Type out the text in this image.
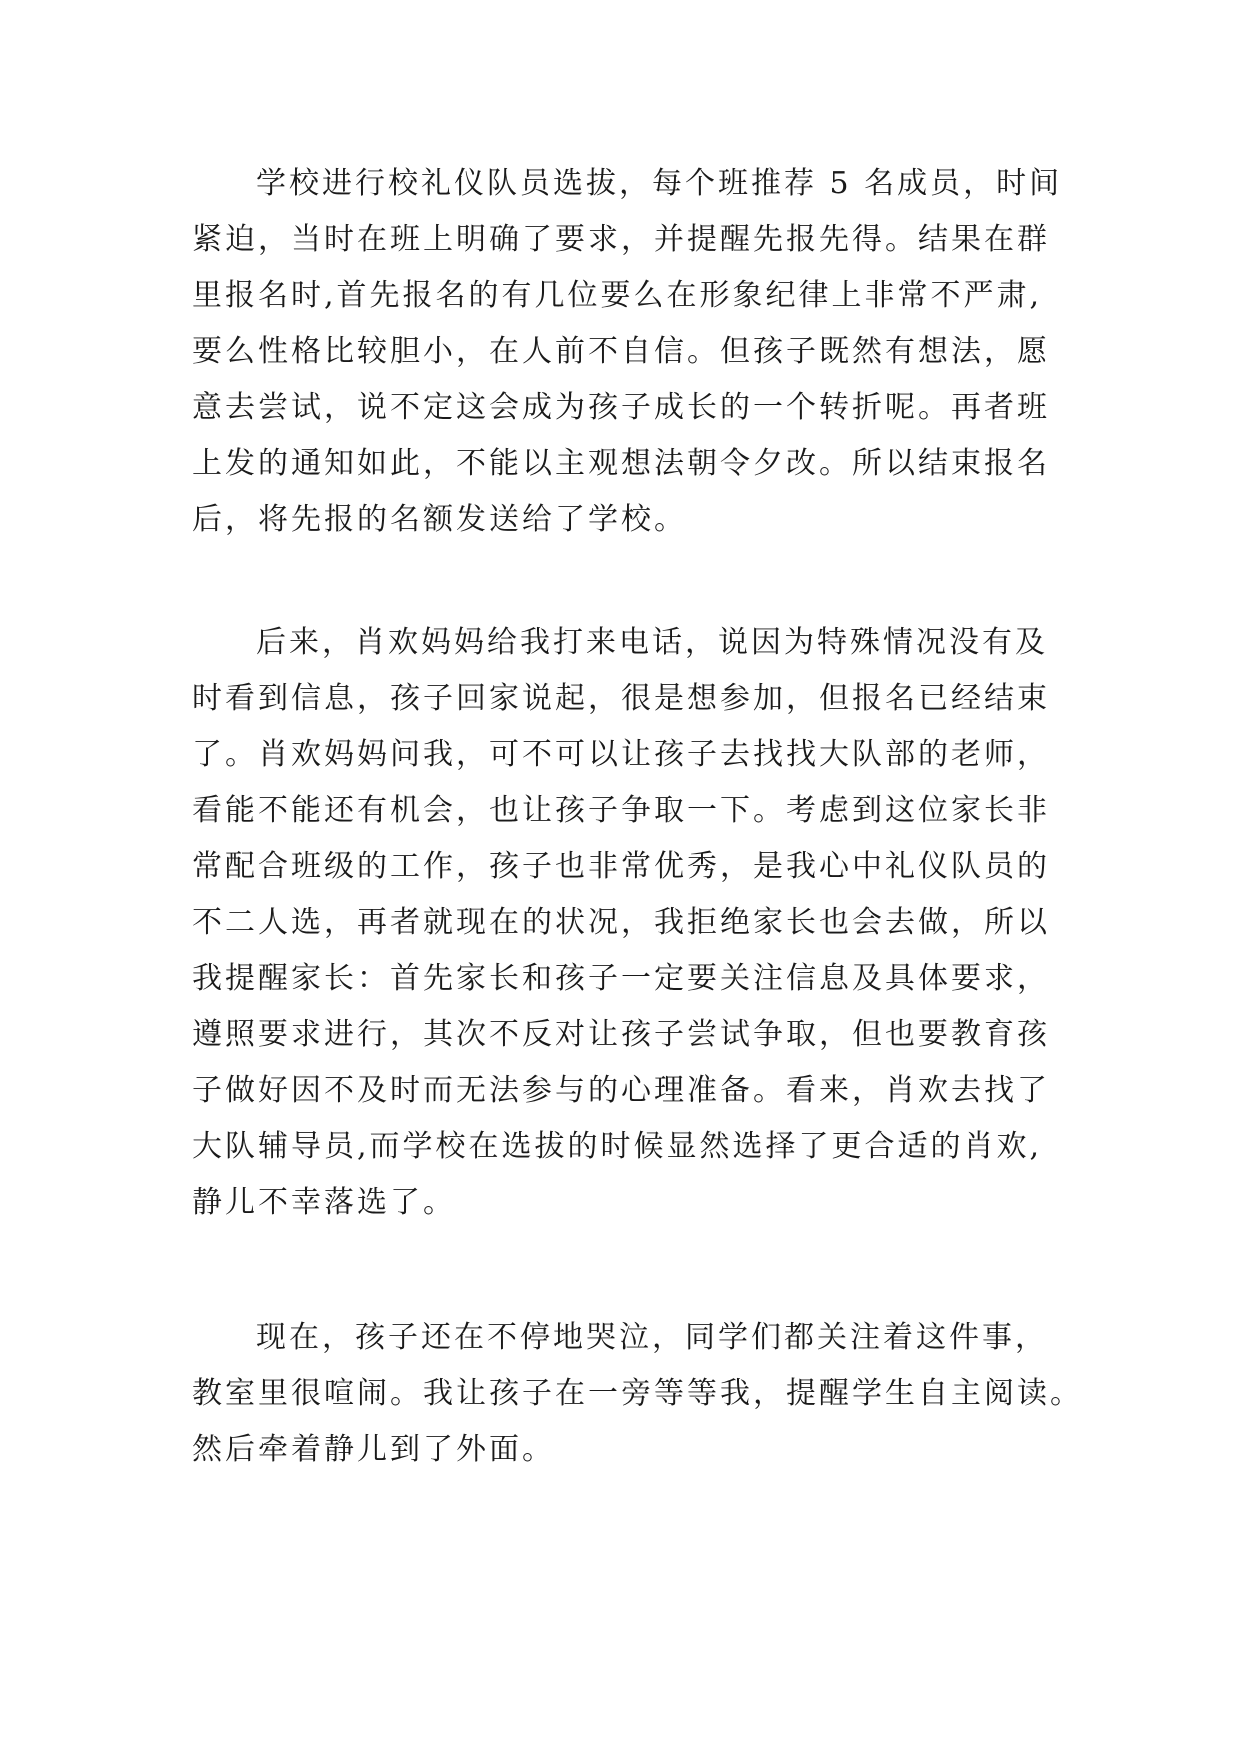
学校进行校礼仪队员选拔，每个班推荐 5 名成员，时间
紧迫，当时在班上明确了要求，并提醒先报先得。结果在群
里报名时,首先报名的有几位要么在形象纪律上非常不严肃,
要么性格比较胆小，在人前不自信。但孩子既然有想法，愿
意去尝试，说不定这会成为孩子成长的一个转折呢。再者班
上发的通知如此，不能以主观想法朝令夕改。所以结束报名
后，将先报的名额发送给了学校。
后来，肖欢妈妈给我打来电话，说因为特殊情况没有及
时看到信息，孩子回家说起，很是想参加，但报名已经结束
了。肖欢妈妈问我，可不可以让孩子去找找大队部的老师，
看能不能还有机会，也让孩子争取一下。考虑到这位家长非
常配合班级的工作，孩子也非常优秀，是我心中礼仪队员的
不二人选，再者就现在的状况，我拒绝家长也会去做，所以
我提醒家长：首先家长和孩子一定要关注信息及具体要求，
遵照要求进行，其次不反对让孩子尝试争取，但也要教育孩
子做好因不及时而无法参与的心理准备。看来，肖欢去找了
大队辅导员,而学校在选拔的时候显然选择了更合适的肖欢,
静儿不幸落选了。
现在，孩子还在不停地哭泣，同学们都关注着这件事，
教室里很喧闹。我让孩子在一旁等等我，提醒学生自主阅读。
然后牵着静儿到了外面。
